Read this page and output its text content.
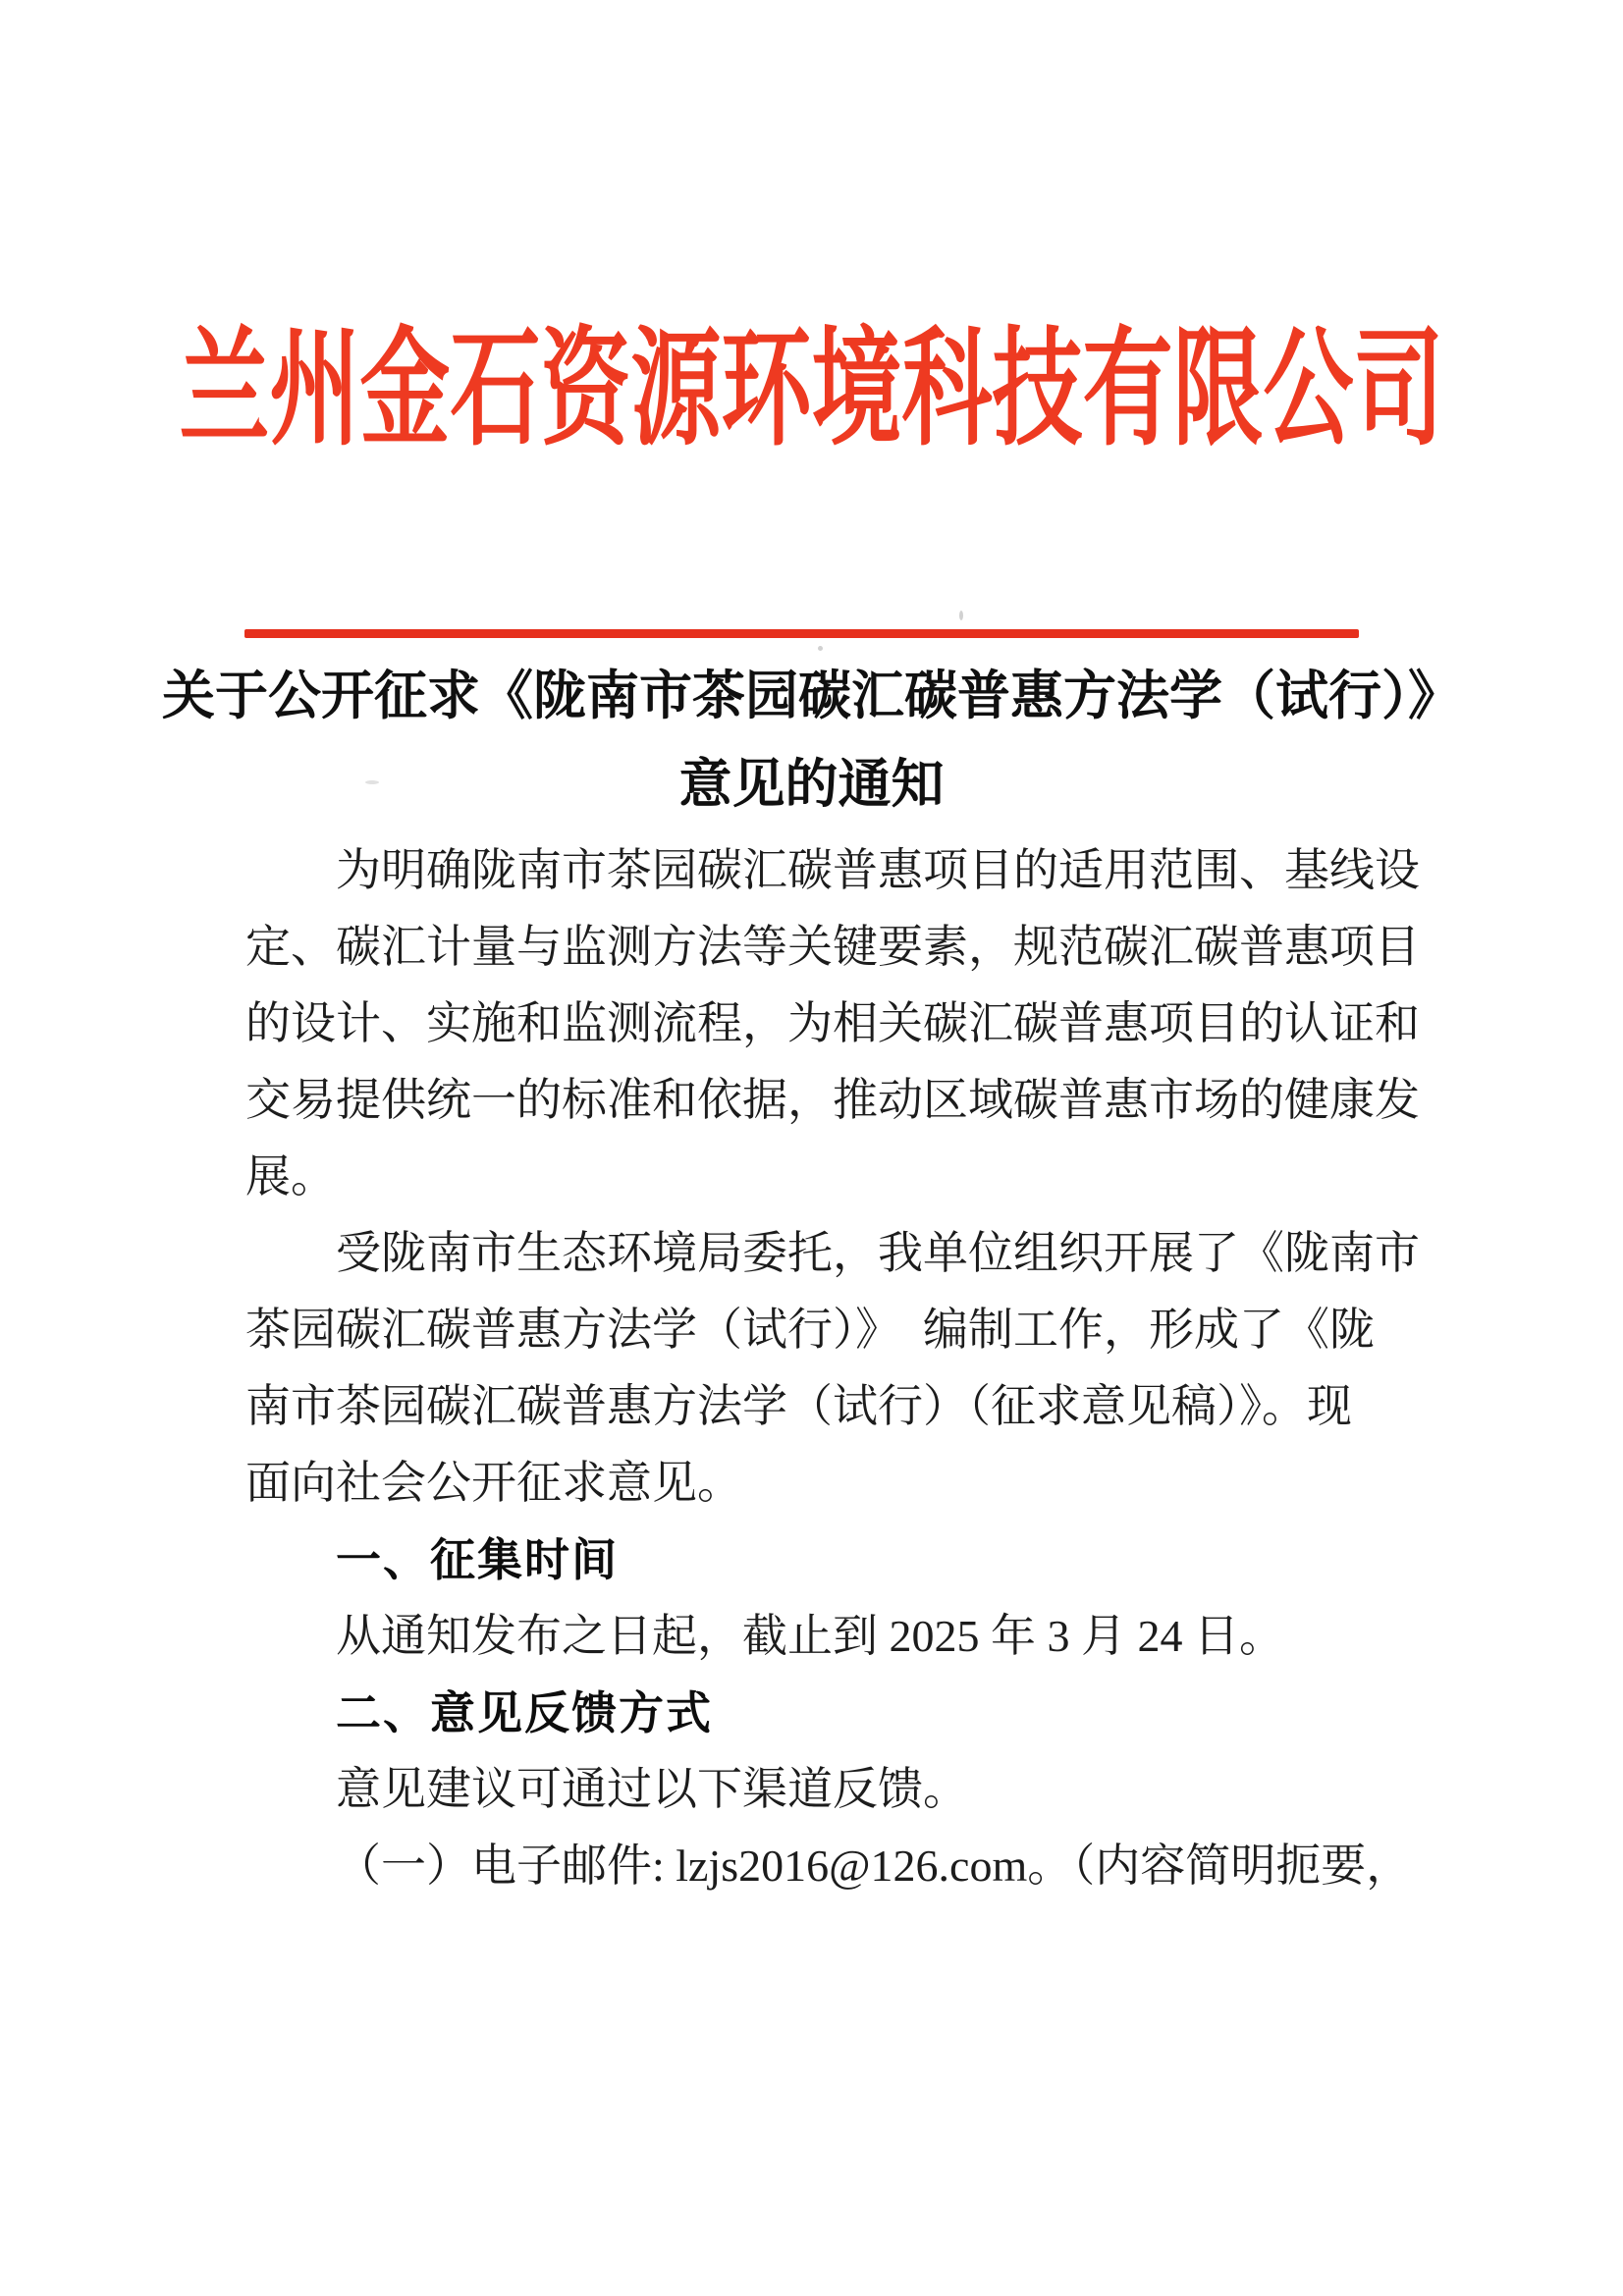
兰州金石资源环境科技有限公司
关于公开征求《陇南市茶园碳汇碳普惠方法学（试行）》
意见的通知
为明确陇南市茶园碳汇碳普惠项目的适用范围、基线设
定、碳汇计量与监测方法等关键要素，规范碳汇碳普惠项目
的设计、实施和监测流程，为相关碳汇碳普惠项目的认证和
交易提供统一的标准和依据，推动区域碳普惠市场的健康发
展。
受陇南市生态环境局委托，我单位组织开展了《陇南市
茶园碳汇碳普惠方法学（试行）》　编制工作，形成了《陇
南市茶园碳汇碳普惠方法学（试行）（征求意见稿）》。现
面向社会公开征求意见。
一、征集时间
从通知发布之日起，截止到 2025 年 3 月 24 日。
二、意见反馈方式
意见建议可通过以下渠道反馈。
（一）电子邮件: lzjs2016@126.com。（内容简明扼要，
